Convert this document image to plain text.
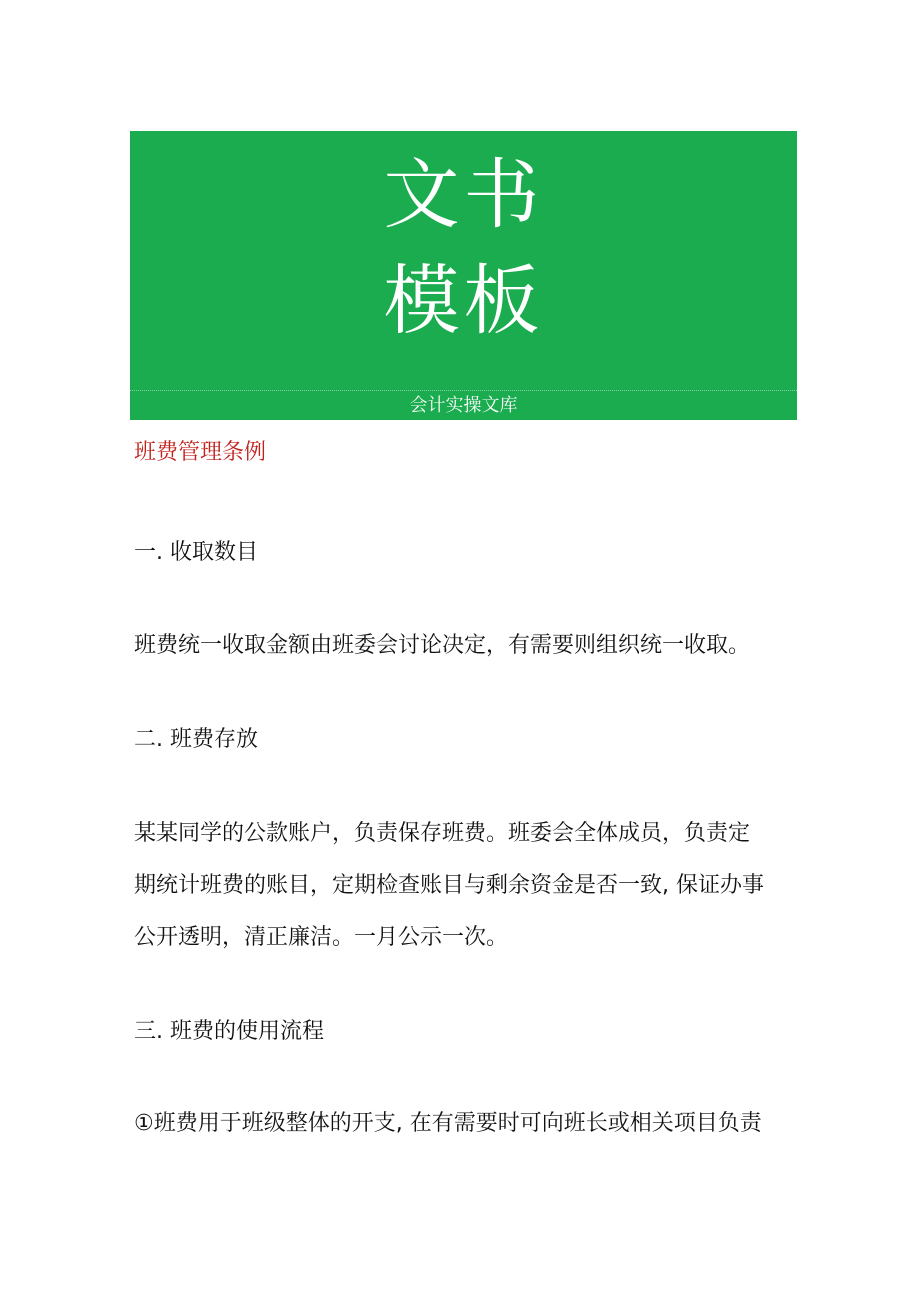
会计实操文库
文书
模板
班费管理条例
一. 收取数目
班费统一收取金额由班委会讨论决定，有需要则组织统一收取。
二. 班费存放
某某同学的公款账户，负责保存班费。班委会全体成员，负责定
期统计班费的账目，定期检查账目与剩余资金是否一致, 保证办事
公开透明，清正廉洁。一月公示一次。
三. 班费的使用流程
①班费用于班级整体的开支, 在有需要时可向班长或相关项目负责
